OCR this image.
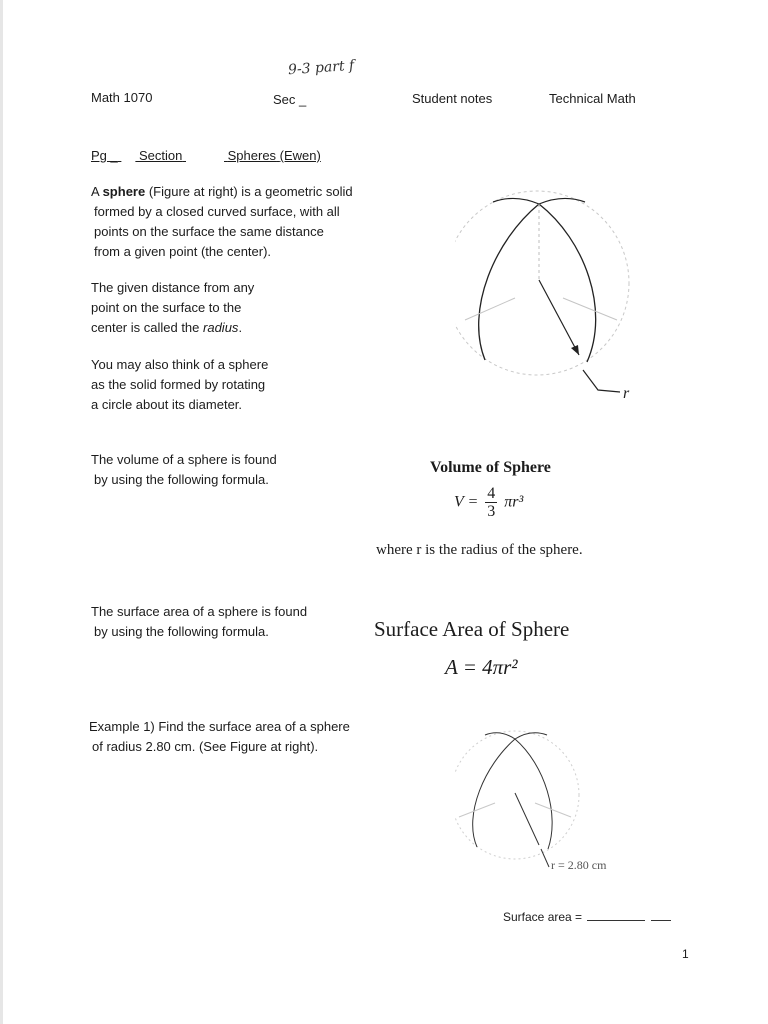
9-3 part f
Math 1070	Sec _	Student notes	Technical Math
Pg _ Section	Spheres (Ewen)
A sphere (Figure at right) is a geometric solid
formed by a closed curved surface, with all
points on the surface the same distance
from a given point (the center).
The given distance from any
point on the surface to the
center is called the radius.
You may also think of a sphere
as the solid formed by rotating
a circle about its diameter.
r
The volume of a sphere is found
by using the following formula.
Volume of Sphere
$V = \frac{4}{3} \pi r^3$
where r is the radius of the sphere.
The surface area of a sphere is found
by using the following formula.	Surface Area of Sphere
A = 4πr²
Example 1) Find the surface area of a sphere
of radius 2.80 cm. (See Figure at right).
r = 2.80 cm
Surface area =
1
